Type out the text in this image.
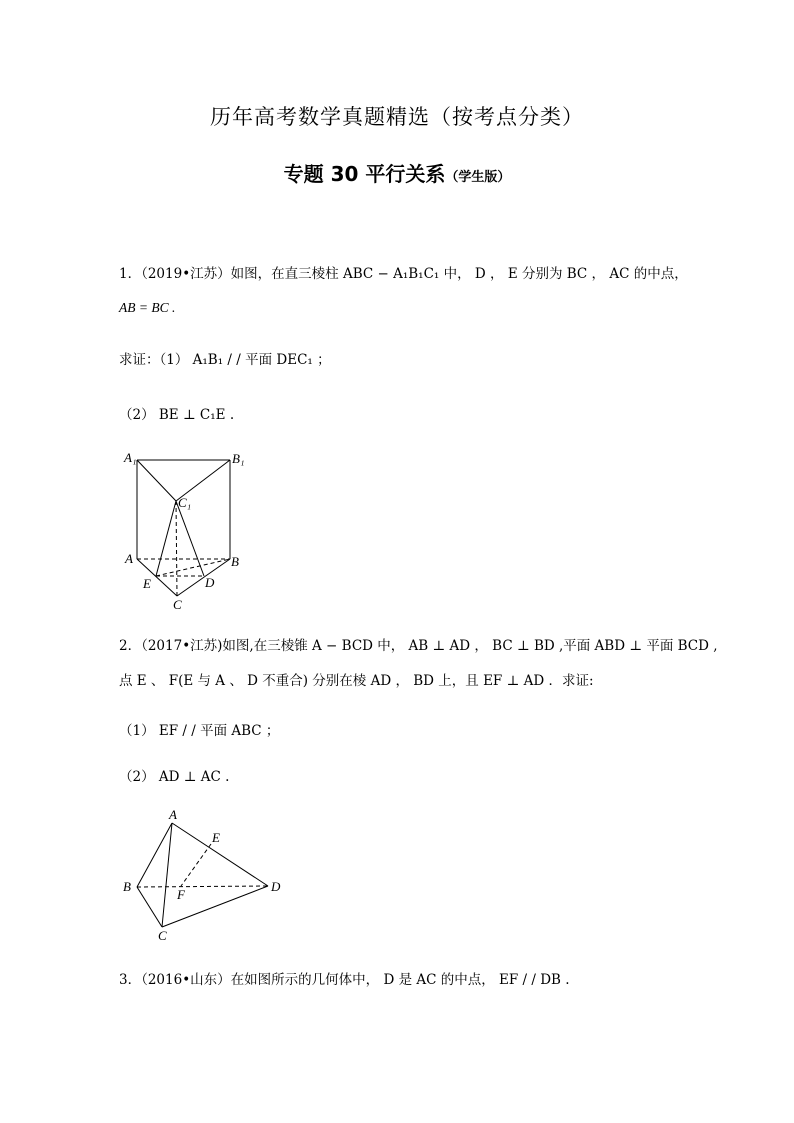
历年高考数学真题精选（按考点分类）
专题 30 平行关系（学生版）
1．（2019•江苏）如图，在直三棱柱 ABC − A₁B₁C₁ 中， D ， E 分别为 BC ， AC 的中点，
AB = BC .
求证：（1） A₁B₁ / / 平面 DEC₁ ；
（2） BE ⊥ C₁E .
A₁	B₁
C₁
A	B
E	D
C
2．（2017•江苏)如图,在三棱锥 A − BCD 中， AB ⊥ AD ， BC ⊥ BD ,平面 ABD ⊥ 平面 BCD ,
点 E 、 F(E 与 A 、 D 不重合) 分别在棱 AD ， BD 上，且 EF ⊥ AD ．求证:
（1） EF / / 平面 ABC ；
（2） AD ⊥ AC .
A
E
B
F
D
C
3．（2016•山东）在如图所示的几何体中， D 是 AC 的中点， EF / / DB .
